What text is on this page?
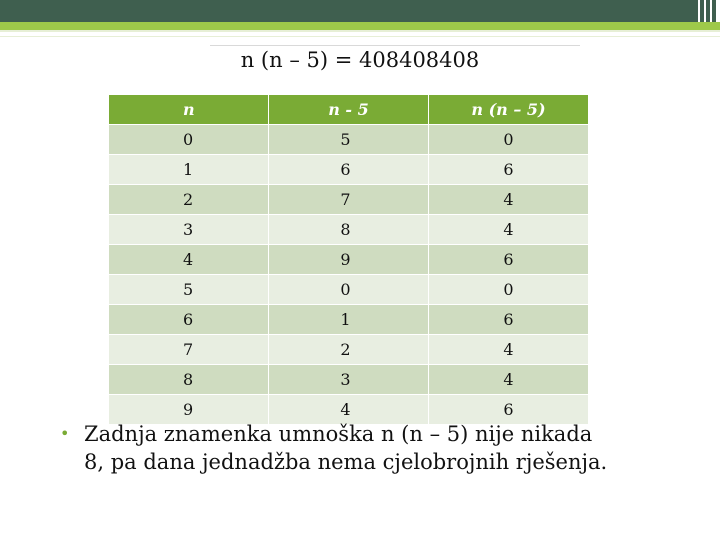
n (n – 5) = 408408408
n	n - 5	n (n – 5)
0	5	0
1	6	6
2	7	4
3	8	4
4	9	6
5	0	0
6	1	6
7	2	4
8	3	4
9	4	6
• Zadnja znamenka umnoška n (n – 5) nije nikada
8, pa dana jednadžba nema cjelobrojnih rješenja.
